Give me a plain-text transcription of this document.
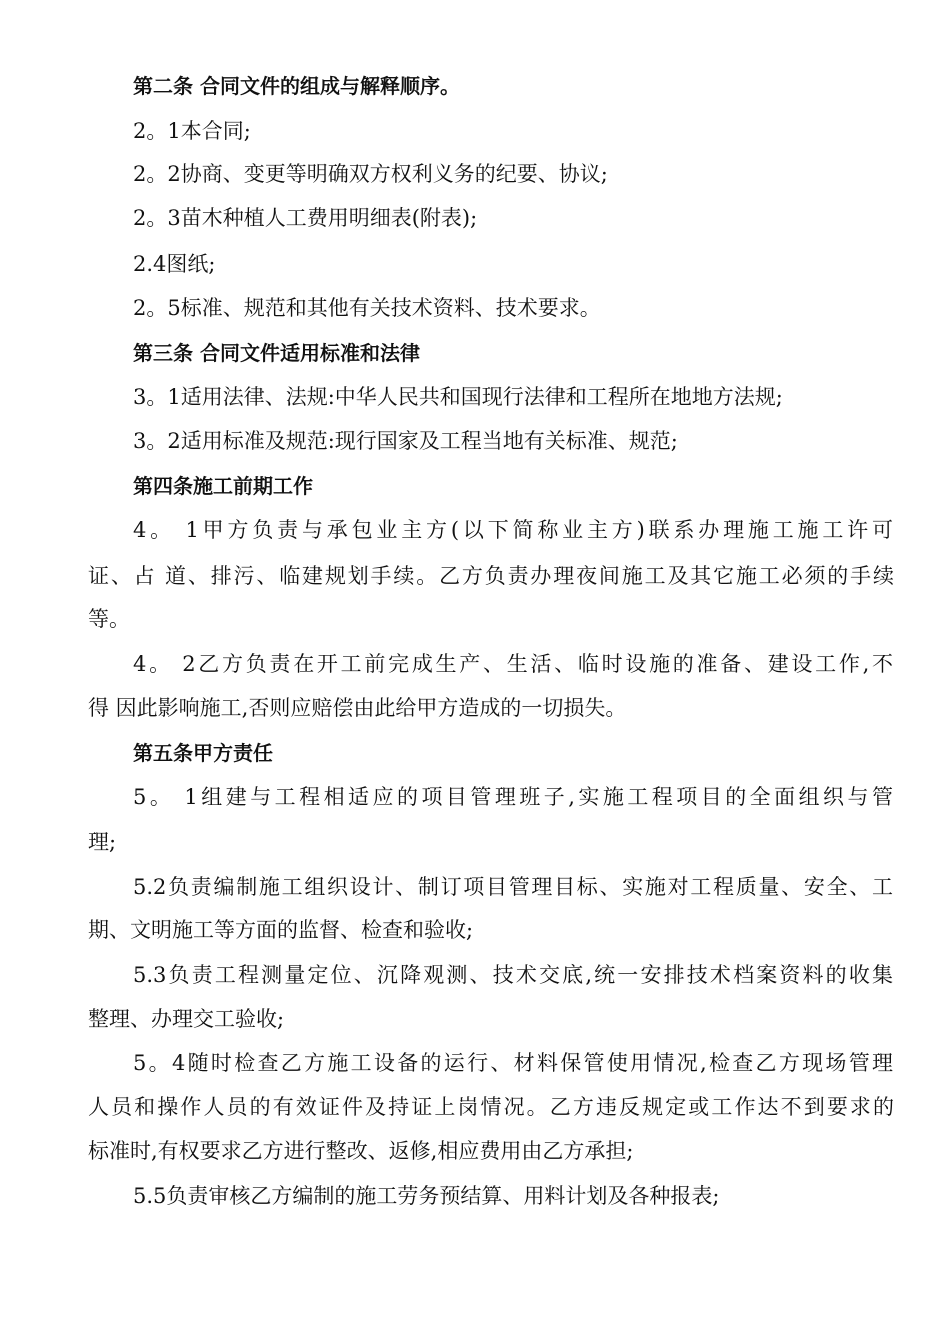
第二条 合同文件的组成与解释顺序。
2。1本合同;
2。2协商、变更等明确双方权利义务的纪要、协议;
2。3苗木种植人工费用明细表(附表);
2.4图纸;
2。5标准、规范和其他有关技术资料、技术要求。
第三条 合同文件适用标准和法律
3。1适用法律、法规:中华人民共和国现行法律和工程所在地地方法规;
3。2适用标准及规范:现行国家及工程当地有关标准、规范;
第四条施工前期工作
4。 1甲方负责与承包业主方(以下简称业主方)联系办理施工施工许可
证、占 道、排污、临建规划手续。乙方负责办理夜间施工及其它施工必须的手续
等。
4。 2乙方负责在开工前完成生产、生活、临时设施的准备、建设工作,不
得 因此影响施工,否则应赔偿由此给甲方造成的一切损失。
第五条甲方责任
5。 1组建与工程相适应的项目管理班子,实施工程项目的全面组织与管
理;
5.2负责编制施工组织设计、制订项目管理目标、实施对工程质量、安全、工
期、文明施工等方面的监督、检查和验收;
5.3负责工程测量定位、沉降观测、技术交底,统一安排技术档案资料的收集
整理、办理交工验收;
5。4随时检查乙方施工设备的运行、材料保管使用情况,检查乙方现场管理
人员和操作人员的有效证件及持证上岗情况。乙方违反规定或工作达不到要求的
标准时,有权要求乙方进行整改、返修,相应费用由乙方承担;
5.5负责审核乙方编制的施工劳务预结算、用料计划及各种报表;
